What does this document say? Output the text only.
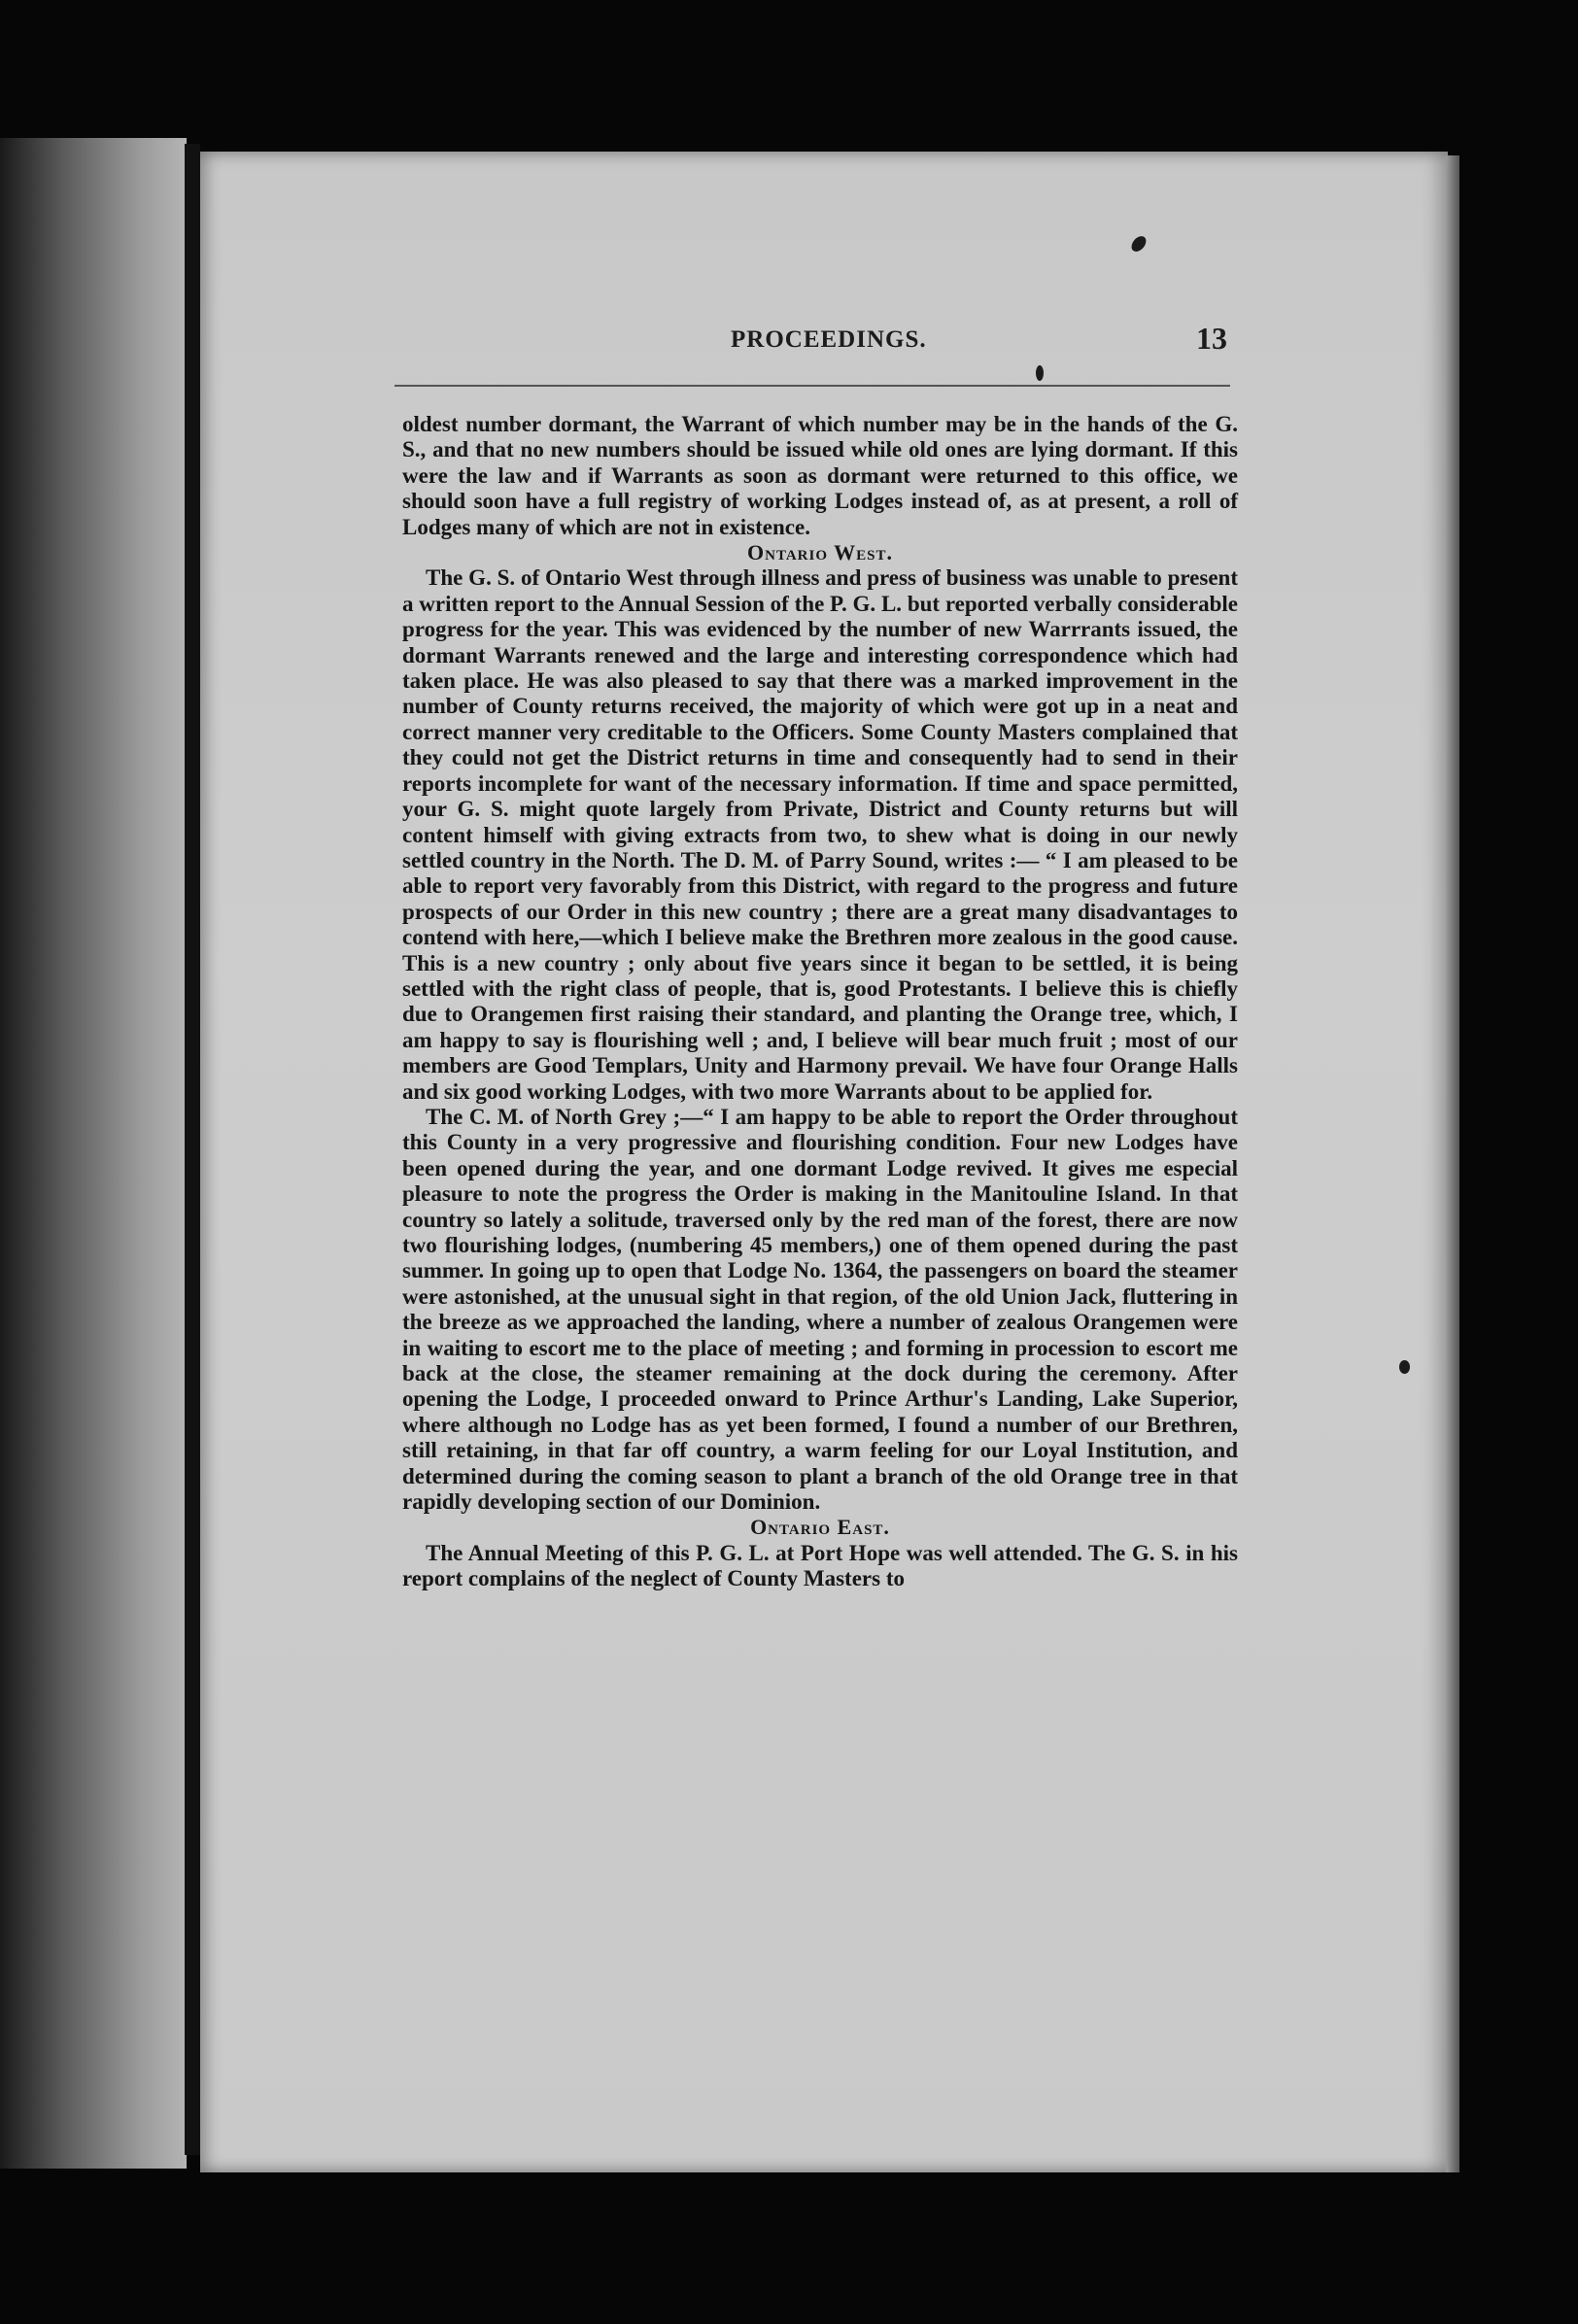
PROCEEDINGS.	13

oldest number dormant, the Warrant of which number may be in the hands of the G. S., and that no new numbers should be issued while old ones are lying dormant. If this were the law and if Warrants as soon as dormant were returned to this office, we should soon have a full registry of working Lodges instead of, as at present, a roll of Lodges many of which are not in existence.

Ontario West.

The G. S. of Ontario West through illness and press of business was unable to present a written report to the Annual Session of the P. G. L. but reported verbally considerable progress for the year. This was evidenced by the number of new Warrrants issued, the dormant Warrants renewed and the large and interesting correspondence which had taken place. He was also pleased to say that there was a marked improvement in the number of County returns received, the majority of which were got up in a neat and correct manner very creditable to the Officers. Some County Masters complained that they could not get the District returns in time and consequently had to send in their reports incomplete for want of the necessary information. If time and space permitted, your G. S. might quote largely from Private, District and County returns but will content himself with giving extracts from two, to shew what is doing in our newly settled country in the North. The D. M. of Parry Sound, writes :— “ I am pleased to be able to report very favorably from this District, with regard to the progress and future prospects of our Order in this new country ; there are a great many disadvantages to contend with here,—which I believe make the Brethren more zealous in the good cause. This is a new country ; only about five years since it began to be settled, it is being settled with the right class of people, that is, good Protestants. I believe this is chiefly due to Orangemen first raising their standard, and planting the Orange tree, which, I am happy to say is flourishing well ; and, I believe will bear much fruit ; most of our members are Good Templars, Unity and Harmony prevail. We have four Orange Halls and six good working Lodges, with two more Warrants about to be applied for.

The C. M. of North Grey ;—“ I am happy to be able to report the Order throughout this County in a very progressive and flourishing condition. Four new Lodges have been opened during the year, and one dormant Lodge revived. It gives me especial pleasure to note the progress the Order is making in the Manitouline Island. In that country so lately a solitude, traversed only by the red man of the forest, there are now two flourishing lodges, (numbering 45 members,) one of them opened during the past summer. In going up to open that Lodge No. 1364, the passengers on board the steamer were astonished, at the unusual sight in that region, of the old Union Jack, fluttering in the breeze as we approached the landing, where a number of zealous Orangemen were in waiting to escort me to the place of meeting ; and forming in procession to escort me back at the close, the steamer remaining at the dock during the ceremony. After opening the Lodge, I proceeded onward to Prince Arthur's Landing, Lake Superior, where although no Lodge has as yet been formed, I found a number of our Brethren, still retaining, in that far off country, a warm feeling for our Loyal Institution, and determined during the coming season to plant a branch of the old Orange tree in that rapidly developing section of our Dominion.

Ontario East.

The Annual Meeting of this P. G. L. at Port Hope was well attended. The G. S. in his report complains of the neglect of County Masters to
